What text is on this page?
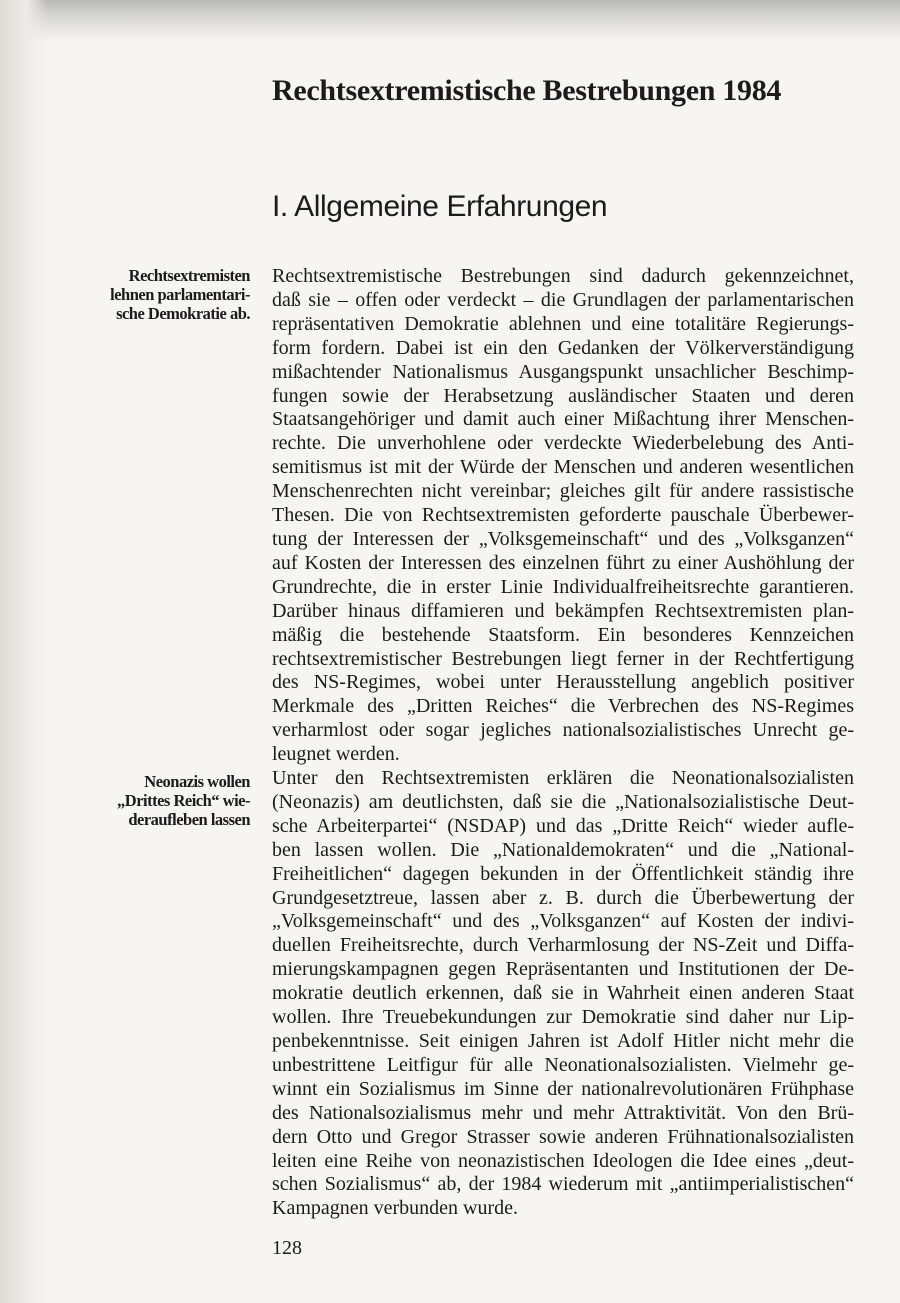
Rechtsextremistische Bestrebungen 1984
I. Allgemeine Erfahrungen

Rechtsextremisten
lehnen parlamentari-
sche Demokratie ab.

Neonazis wollen
„Drittes Reich“ wie-
deraufleben lassen

Rechtsextremistische Bestrebungen sind dadurch gekennzeichnet,
daß sie – offen oder verdeckt – die Grundlagen der parlamentarischen
repräsentativen Demokratie ablehnen und eine totalitäre Regierungs-
form fordern. Dabei ist ein den Gedanken der Völkerverständigung
mißachtender Nationalismus Ausgangspunkt unsachlicher Beschimp-
fungen sowie der Herabsetzung ausländischer Staaten und deren
Staatsangehöriger und damit auch einer Mißachtung ihrer Menschen-
rechte. Die unverhohlene oder verdeckte Wiederbelebung des Anti-
semitismus ist mit der Würde der Menschen und anderen wesentlichen
Menschenrechten nicht vereinbar; gleiches gilt für andere rassistische
Thesen. Die von Rechtsextremisten geforderte pauschale Überbewer-
tung der Interessen der „Volksgemeinschaft“ und des „Volksganzen“
auf Kosten der Interessen des einzelnen führt zu einer Aushöhlung der
Grundrechte, die in erster Linie Individualfreiheitsrechte garantieren.
Darüber hinaus diffamieren und bekämpfen Rechtsextremisten plan-
mäßig die bestehende Staatsform. Ein besonderes Kennzeichen
rechtsextremistischer Bestrebungen liegt ferner in der Rechtfertigung
des NS-Regimes, wobei unter Herausstellung angeblich positiver
Merkmale des „Dritten Reiches“ die Verbrechen des NS-Regimes
verharmlost oder sogar jegliches nationalsozialistisches Unrecht ge-
leugnet werden.
Unter den Rechtsextremisten erklären die Neonationalsozialisten
(Neonazis) am deutlichsten, daß sie die „Nationalsozialistische Deut-
sche Arbeiterpartei“ (NSDAP) und das „Dritte Reich“ wieder aufle-
ben lassen wollen. Die „Nationaldemokraten“ und die „National-
Freiheitlichen“ dagegen bekunden in der Öffentlichkeit ständig ihre
Grundgesetztreue, lassen aber z. B. durch die Überbewertung der
„Volksgemeinschaft“ und des „Volksganzen“ auf Kosten der indivi-
duellen Freiheitsrechte, durch Verharmlosung der NS-Zeit und Diffa-
mierungskampagnen gegen Repräsentanten und Institutionen der De-
mokratie deutlich erkennen, daß sie in Wahrheit einen anderen Staat
wollen. Ihre Treuebekundungen zur Demokratie sind daher nur Lip-
penbekenntnisse. Seit einigen Jahren ist Adolf Hitler nicht mehr die
unbestrittene Leitfigur für alle Neonationalsozialisten. Vielmehr ge-
winnt ein Sozialismus im Sinne der nationalrevolutionären Frühphase
des Nationalsozialismus mehr und mehr Attraktivität. Von den Brü-
dern Otto und Gregor Strasser sowie anderen Frühnationalsozialisten
leiten eine Reihe von neonazistischen Ideologen die Idee eines „deut-
schen Sozialismus“ ab, der 1984 wiederum mit „antiimperialistischen“
Kampagnen verbunden wurde.

128
